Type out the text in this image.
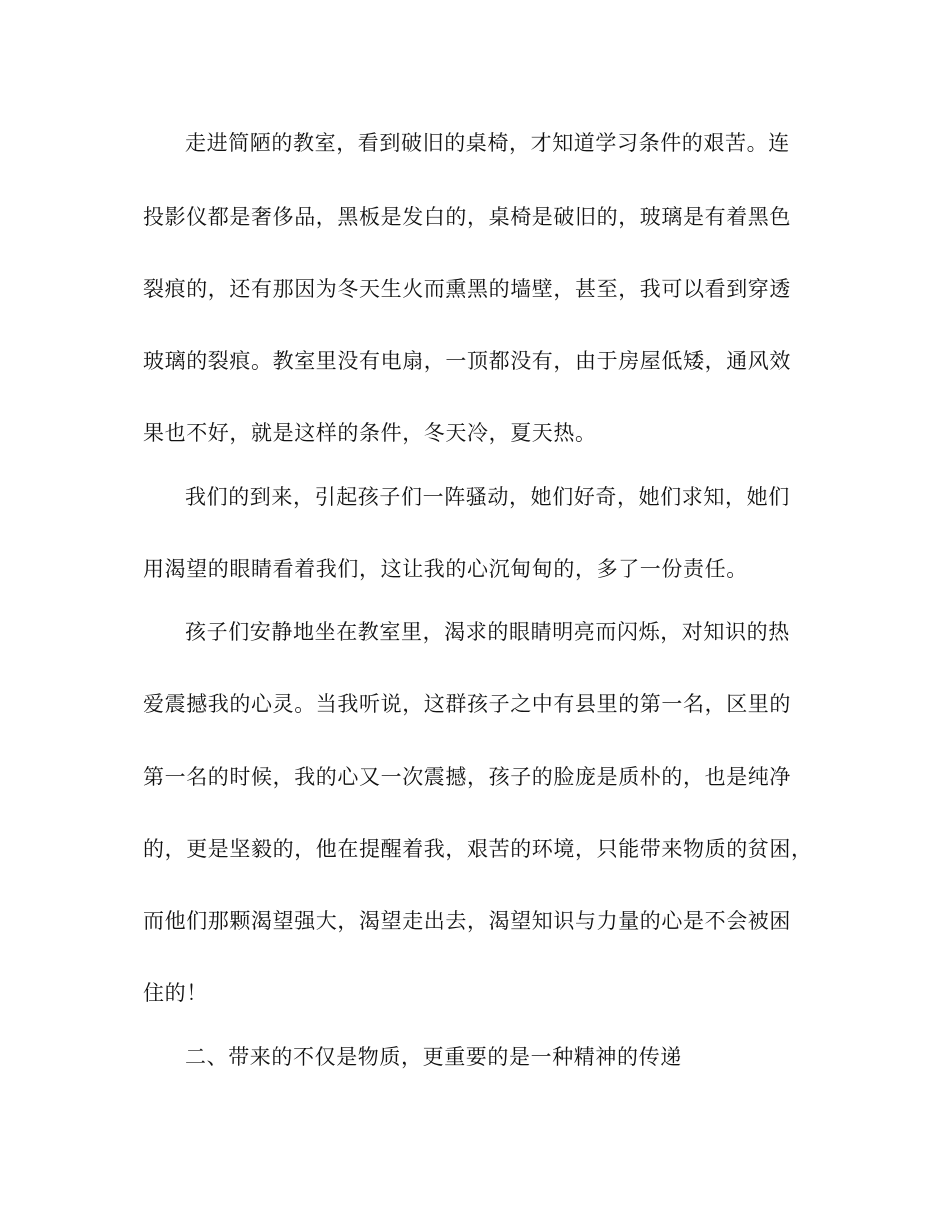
走进简陋的教室，看到破旧的桌椅，才知道学习条件的艰苦。连
投影仪都是奢侈品，黑板是发白的，桌椅是破旧的，玻璃是有着黑色
裂痕的，还有那因为冬天生火而熏黑的墙壁，甚至，我可以看到穿透
玻璃的裂痕。教室里没有电扇，一顶都没有，由于房屋低矮，通风效
果也不好，就是这样的条件，冬天冷，夏天热。
我们的到来，引起孩子们一阵骚动，她们好奇，她们求知，她们
用渴望的眼睛看着我们，这让我的心沉甸甸的，多了一份责任。
孩子们安静地坐在教室里，渴求的眼睛明亮而闪烁，对知识的热
爱震撼我的心灵。当我听说，这群孩子之中有县里的第一名，区里的
第一名的时候，我的心又一次震撼，孩子的脸庞是质朴的，也是纯净
的，更是坚毅的，他在提醒着我，艰苦的环境，只能带来物质的贫困，
而他们那颗渴望强大，渴望走出去，渴望知识与力量的心是不会被困
住的！
二、带来的不仅是物质，更重要的是一种精神的传递
